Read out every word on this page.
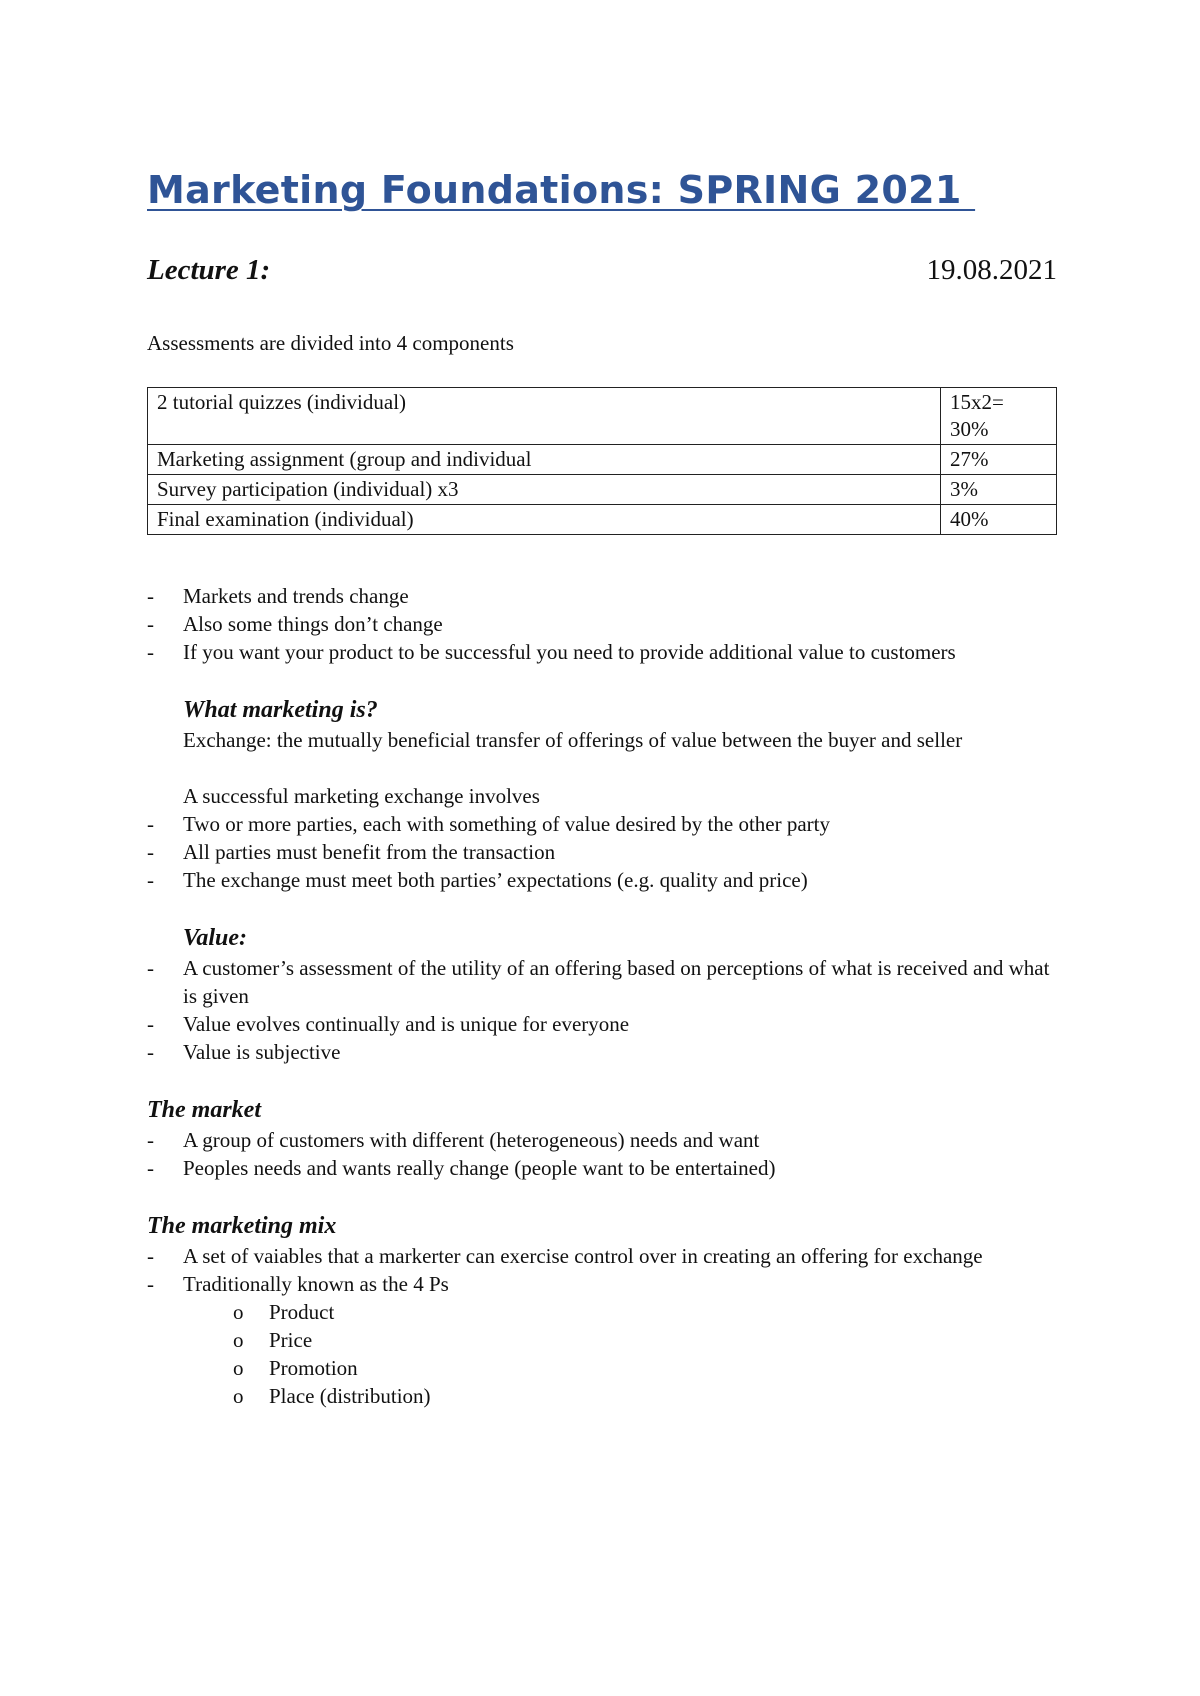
Marketing Foundations: SPRING 2021
Lecture 1:	19.08.2021
Assessments are divided into 4 components
2 tutorial quizzes (individual)	15x2=
30%
Marketing assignment (group and individual	27%
Survey participation (individual) x3	3%
Final examination (individual)	40%
- Markets and trends change
- Also some things don’t change
- If you want your product to be successful you need to provide additional value to customers
What marketing is?
Exchange: the mutually beneficial transfer of offerings of value between the buyer and seller
A successful marketing exchange involves
- Two or more parties, each with something of value desired by the other party
- All parties must benefit from the transaction
- The exchange must meet both parties’ expectations (e.g. quality and price)
Value:
- A customer’s assessment of the utility of an offering based on perceptions of what is received and what is given
- Value evolves continually and is unique for everyone
- Value is subjective
The market
- A group of customers with different (heterogeneous) needs and want
- Peoples needs and wants really change (people want to be entertained)
The marketing mix
- A set of vaiables that a markerter can exercise control over in creating an offering for exchange
- Traditionally known as the 4 Ps
o Product
o Price
o Promotion
o Place (distribution)
